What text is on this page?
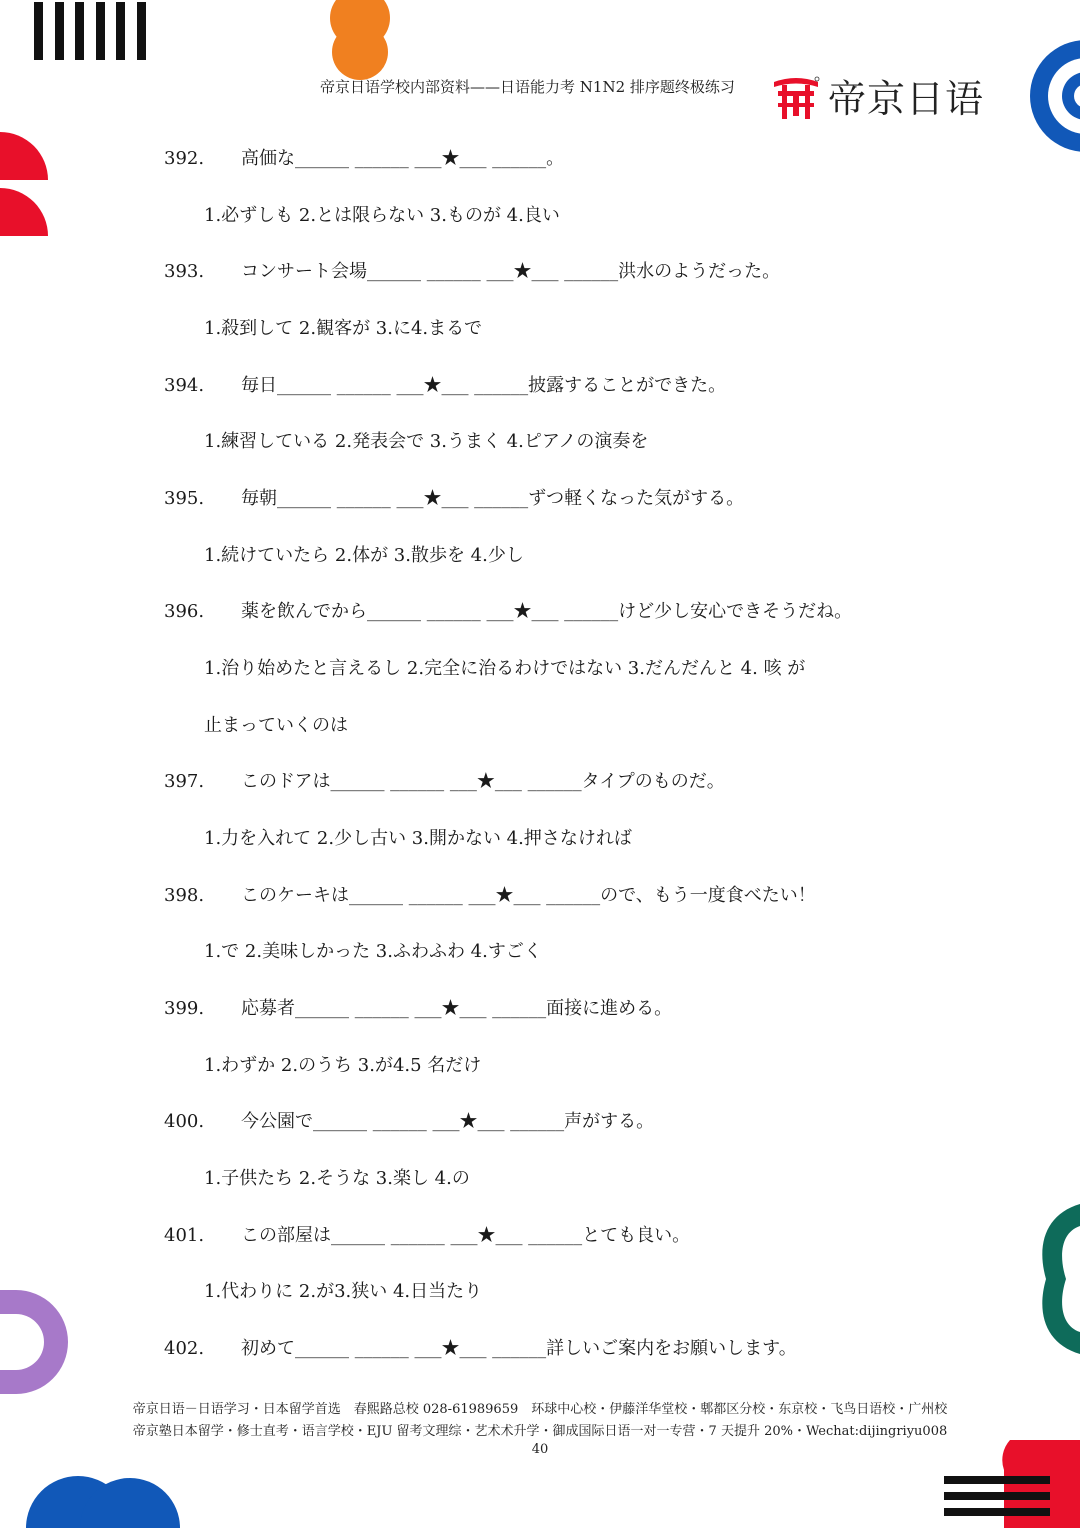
帝京日语学校内部资料——日语能力考 N1N2 排序题终极练习 帝京日语
392. 高価な______ ______ ___★___ ______。
1.必ずしも 2.とは限らない 3.ものが 4.良い
393. コンサート会場______ ______ ___★___ ______洪水のようだった。
1.殺到して 2.観客が 3.に4.まるで
394. 毎日______ ______ ___★___ ______披露することができた。
1.練習している 2.発表会で 3.うまく 4.ピアノの演奏を
395. 毎朝______ ______ ___★___ ______ずつ軽くなった気がする。
1.続けていたら 2.体が 3.散歩を 4.少し
396. 薬を飲んでから______ ______ ___★___ ______けど少し安心できそうだね。
1.治り始めたと言えるし 2.完全に治るわけではない 3.だんだんと 4. 咳 が
止まっていくのは
397. このドアは______ ______ ___★___ ______タイプのものだ。
1.力を入れて 2.少し古い 3.開かない 4.押さなければ
398. このケーキは______ ______ ___★___ ______ので、もう一度食べたい！
1.で 2.美味しかった 3.ふわふわ 4.すごく
399. 応募者______ ______ ___★___ ______面接に進める。
1.わずか 2.のうち 3.が4.5 名だけ
400. 今公園で______ ______ ___★___ ______声がする。
1.子供たち 2.そうな 3.楽し 4.の
401. この部屋は______ ______ ___★___ ______とても良い。
1.代わりに 2.が3.狭い 4.日当たり
402. 初めて______ ______ ___★___ ______詳しいご案内をお願いします。
帝京日语－日语学习・日本留学首选　春熙路总校 028-61989659　环球中心校・伊藤洋华堂校・郫都区分校・东京校・飞鸟日语校・广州校
帝京塾日本留学・修士直考・语言学校・EJU 留考文理综・艺术术升学・御成国际日语一对一专营・7 天提升 20%・Wechat:dijingriyu008
40
